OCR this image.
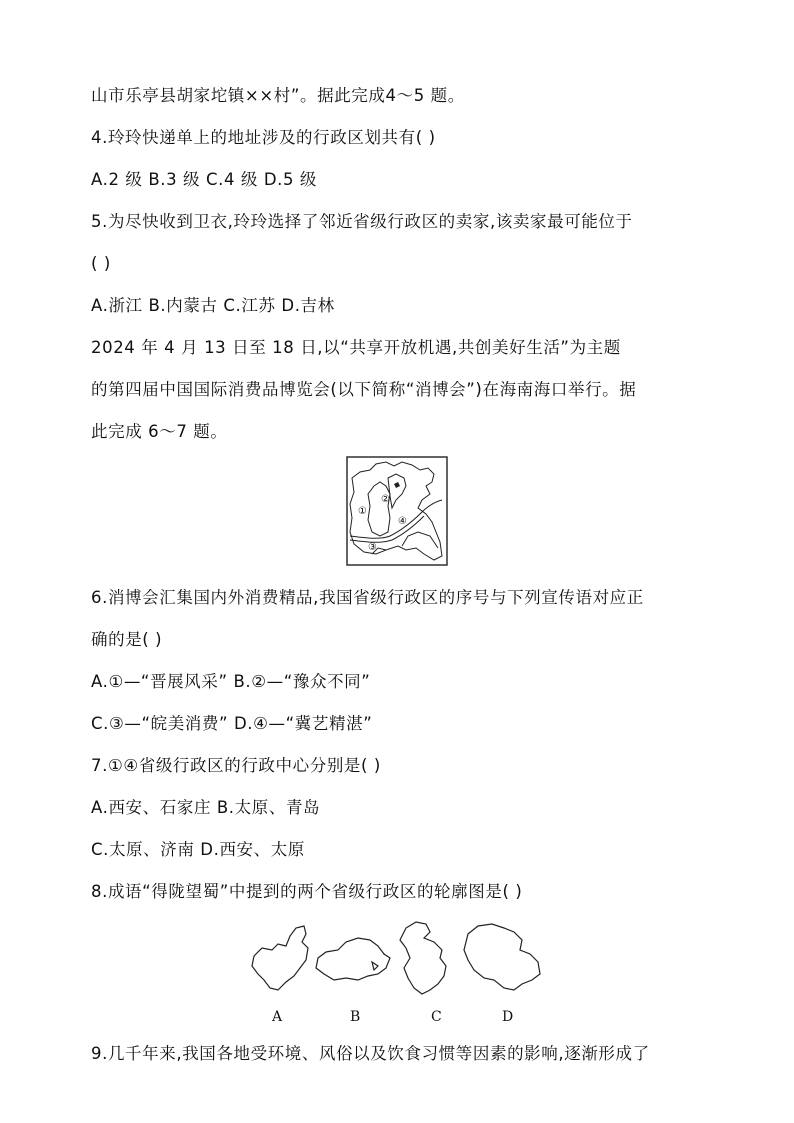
山市乐亭县胡家坨镇××村”。据此完成4～5 题。
4.玲玲快递单上的地址涉及的行政区划共有( )
A.2 级 B.3 级 C.4 级 D.5 级
5.为尽快收到卫衣,玲玲选择了邻近省级行政区的卖家,该卖家最可能位于
( )
A.浙江 B.内蒙古 C.江苏 D.吉林
2024 年 4 月 13 日至 18 日,以“共享开放机遇,共创美好生活”为主题
的第四届中国国际消费品博览会(以下简称“消博会”)在海南海口举行。据
此完成 6～7 题。
①
②
③
④
6.消博会汇集国内外消费精品,我国省级行政区的序号与下列宣传语对应正
确的是( )
A.①—“晋展风采” B.②—“豫众不同”
C.③—“皖美消费” D.④—“冀艺精湛”
7.①④省级行政区的行政中心分别是( )
A.西安、石家庄 B.太原、青岛
C.太原、济南 D.西安、太原
8.成语“得陇望蜀”中提到的两个省级行政区的轮廓图是( )
A	B	C	D
9.几千年来,我国各地受环境、风俗以及饮食习惯等因素的影响,逐渐形成了
